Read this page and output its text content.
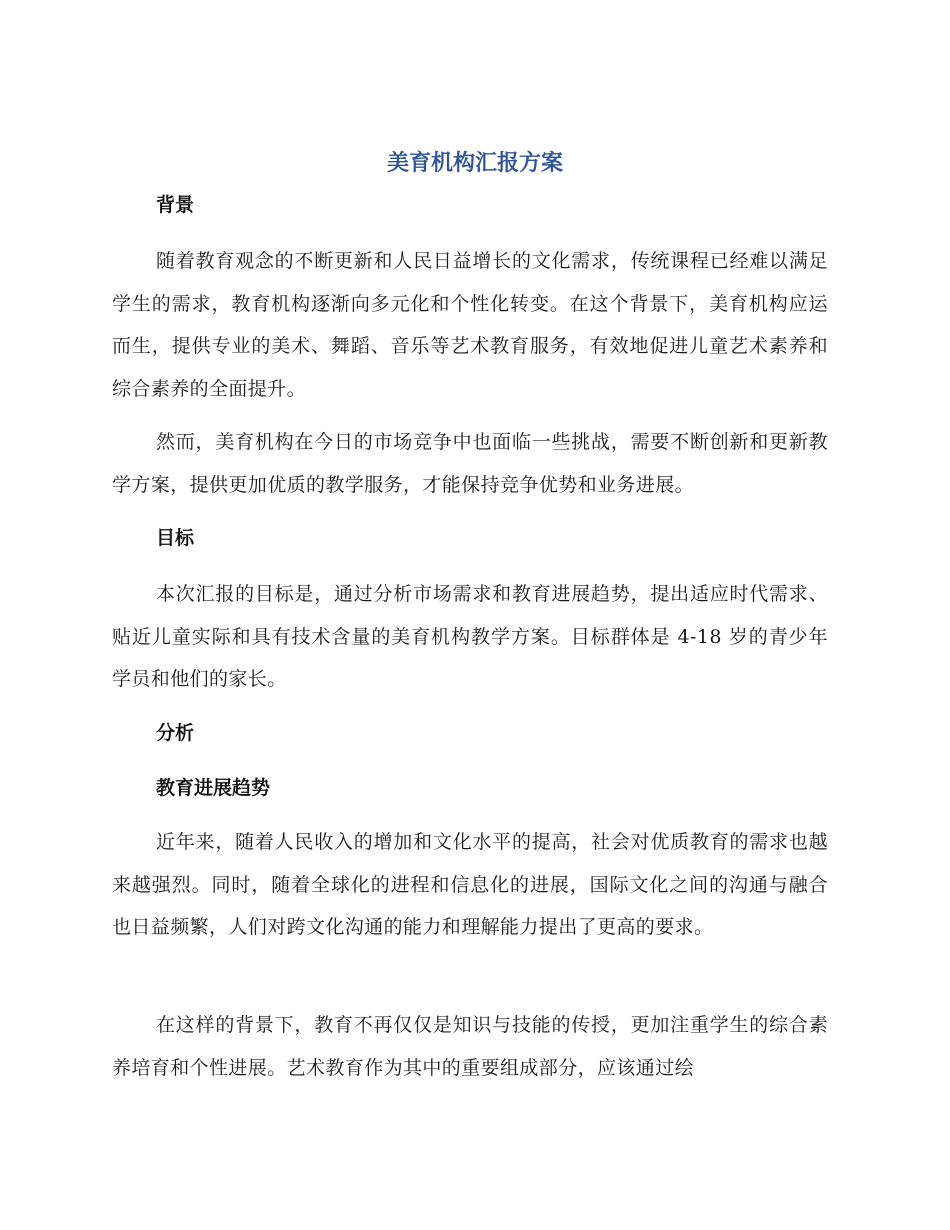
美育机构汇报方案
背景

随着教育观念的不断更新和人民日益增长的文化需求，传统课程已经难以满足学生的需求，教育机构逐渐向多元化和个性化转变。在这个背景下，美育机构应运而生，提供专业的美术、舞蹈、音乐等艺术教育服务，有效地促进儿童艺术素养和综合素养的全面提升。

然而，美育机构在今日的市场竞争中也面临一些挑战，需要不断创新和更新教学方案，提供更加优质的教学服务，才能保持竞争优势和业务进展。

目标

本次汇报的目标是，通过分析市场需求和教育进展趋势，提出适应时代需求、贴近儿童实际和具有技术含量的美育机构教学方案。目标群体是 4-18 岁的青少年学员和他们的家长。

分析
教育进展趋势

近年来，随着人民收入的增加和文化水平的提高，社会对优质教育的需求也越来越强烈。同时，随着全球化的进程和信息化的进展，国际文化之间的沟通与融合也日益频繁，人们对跨文化沟通的能力和理解能力提出了更高的要求。

在这样的背景下，教育不再仅仅是知识与技能的传授，更加注重学生的综合素养培育和个性进展。艺术教育作为其中的重要组成部分，应该通过绘
